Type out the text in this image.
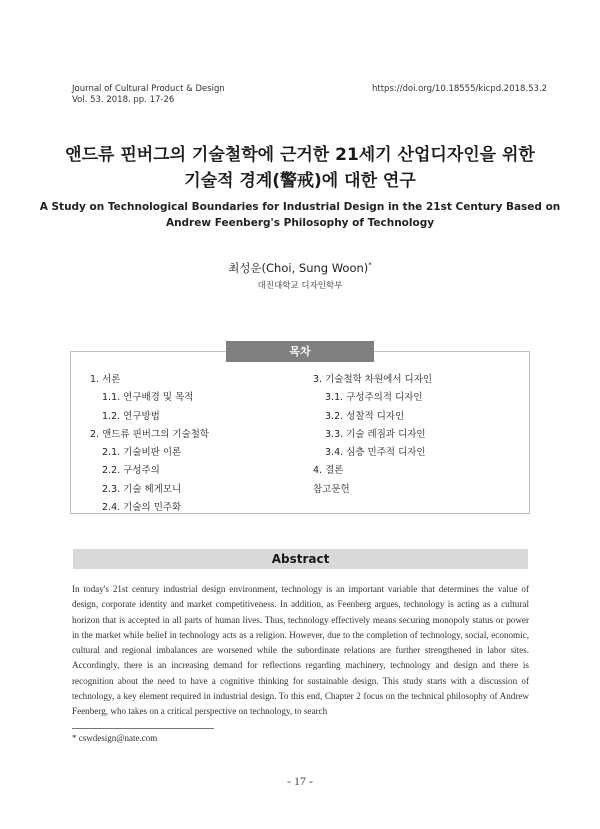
Journal of Cultural Product & Design
Vol. 53. 2018. pp. 17-26
https://doi.org/10.18555/kicpd.2018.53.2
앤드류 핀버그의 기술철학에 근거한 21세기 산업디자인을 위한
기술적 경계(警戒)에 대한 연구
A Study on Technological Boundaries for Industrial Design in the 21st Century Based on
Andrew Feenberg's Philosophy of Technology
최성운(Choi, Sung Woon)*
대진대학교 디자인학부
목차
1. 서론
1.1. 연구배경 및 목적
1.2. 연구방법
2. 앤드류 핀버그의 기술철학
2.1. 기술비판 이론
2.2. 구성주의
2.3. 기술 헤게모니
2.4. 기술의 민주화
3. 기술철학 차원에서 디자인
3.1. 구성주의적 디자인
3.2. 성찰적 디자인
3.3. 기술 레짐과 디자인
3.4. 심층 민주적 디자인
4. 결론
참고문헌
Abstract
In today's 21st century industrial design environment, technology is an important variable that determines the value of design, corporate identity and market competitiveness. In addition, as Feenberg argues, technology is acting as a cultural horizon that is accepted in all parts of human lives. Thus, technology effectively means securing monopoly status or power in the market while belief in technology acts as a religion. However, due to the completion of technology, social, economic, cultural and regional imbalances are worsened while the subordinate relations are further strengthened in labor sites. Accordingly, there is an increasing demand for reflections regarding machinery, technology and design and there is recognition about the need to have a cognitive thinking for sustainable design. This study starts with a discussion of technology, a key element required in industrial design. To this end, Chapter 2 focus on the technical philosophy of Andrew Feenberg, who takes on a critical perspective on technology, to search
* cswdesign@nate.com
- 17 -
